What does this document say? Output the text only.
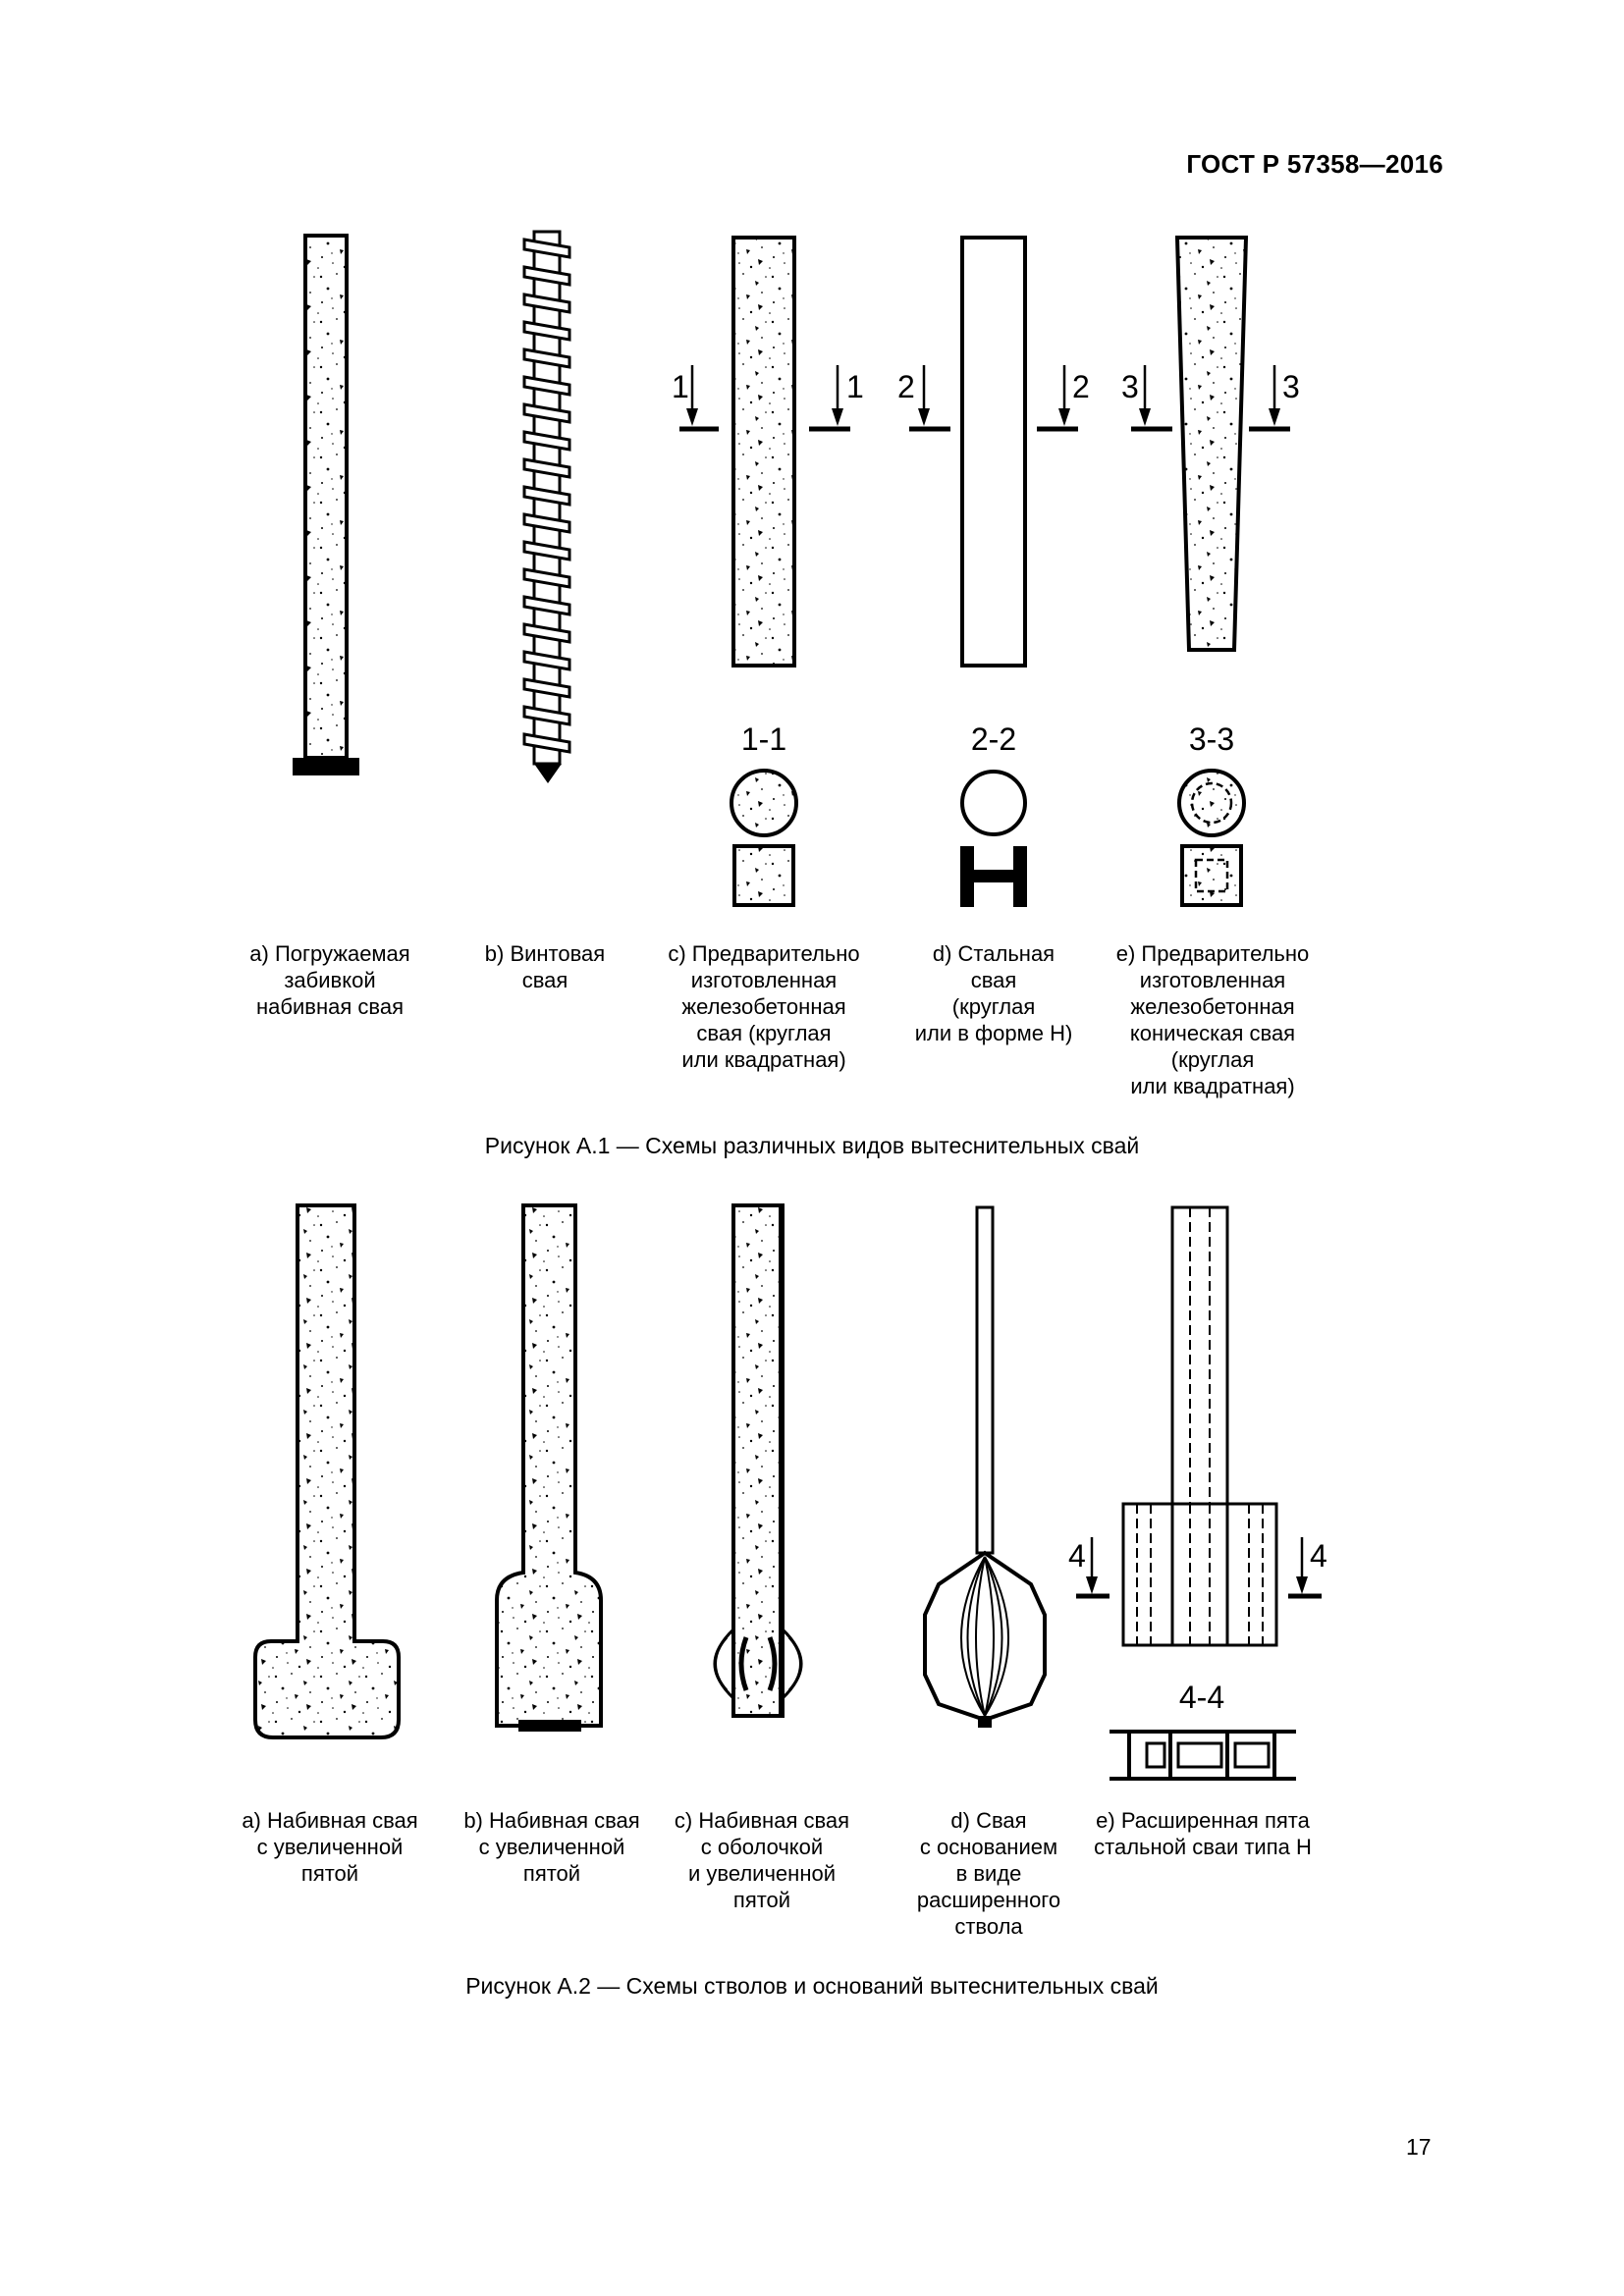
ГОСТ Р 57358—2016
1	1
1-1
2	2
2-2
3	3
3-3
a) Погружаемая
забивкой
набивная свая
b) Винтовая
свая
c) Предварительно
изготовленная
железобетонная
свая (круглая
или квадратная)
d) Стальная
свая
(круглая
или в форме Н)
e) Предварительно
изготовленная
железобетонная
коническая свая
(круглая
или квадратная)
Рисунок А.1 — Схемы различных видов вытеснительных свай
4	4
4-4
a) Набивная свая
с увеличенной
пятой
b) Набивная свая
с увеличенной
пятой
c) Набивная свая
с оболочкой
и увеличенной
пятой
d) Свая
с основанием
в виде
расширенного
ствола
e) Расширенная пята
стальной сваи типа Н
Рисунок А.2 — Схемы стволов и оснований вытеснительных свай
17
